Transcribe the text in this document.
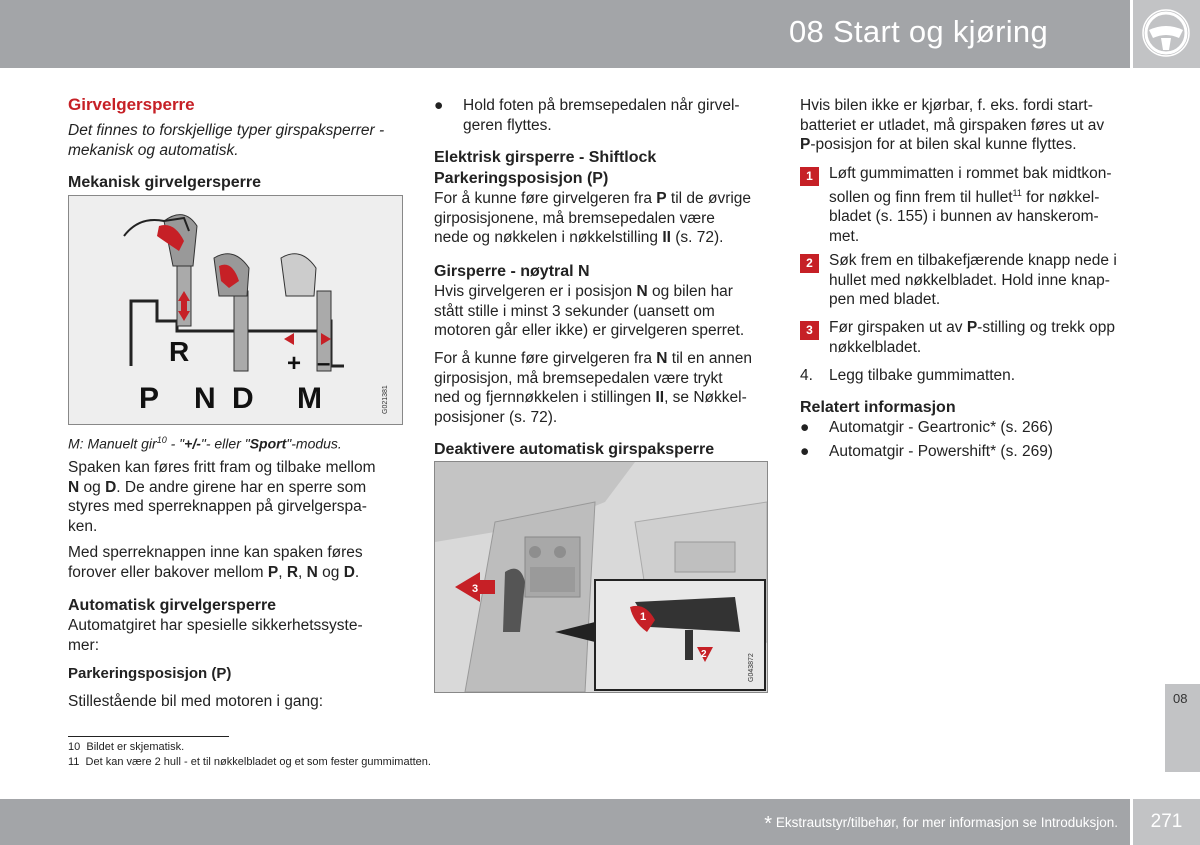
08 Start og kjøring
Girvelgersperre
Det finnes to forskjellige typer girspaksperrer - mekanisk og automatisk.
Mekanisk girvelgersperre
R	+ –
P N D M	G021381
M: Manuelt gir$^{10}$ - "+/-"- eller "Sport"-modus.
Spaken kan føres fritt fram og tilbake mellom
N og D. De andre girene har en sperre som
styres med sperreknappen på girvelgerspa-
ken.
Med sperreknappen inne kan spaken føres
forover eller bakover mellom P, R, N og D.
Automatisk girvelgersperre
Automatgiret har spesielle sikkerhetssyste-
mer:
Parkeringsposisjon (P)
Stillestående bil med motoren i gang:
● Hold foten på bremsepedalen når girvel-
geren flyttes.
Elektrisk girsperre - Shiftlock
Parkeringsposisjon (P)
For å kunne føre girvelgeren fra P til de øvrige
girposisjonene, må bremsepedalen være
nede og nøkkelen i nøkkelstilling II (s. 72).
Girsperre - nøytral N
Hvis girvelgeren er i posisjon N og bilen har
stått stille i minst 3 sekunder (uansett om
motoren går eller ikke) er girvelgeren sperret.
For å kunne føre girvelgeren fra N til en annen
girposisjon, må bremsepedalen være trykt
ned og fjernnøkkelen i stillingen II, se Nøkkel-
posisjoner (s. 72).
Deaktivere automatisk girspaksperre
3
1
2	G043872
Hvis bilen ikke er kjørbar, f. eks. fordi start-
batteriet er utladet, må girspaken føres ut av
P-posisjon for at bilen skal kunne flyttes.
1	Løft gummimatten i rommet bak midtkon-
sollen og finn frem til hullet$^{11}$ for nøkkel-
bladet (s. 155) i bunnen av hanskerom-
met.
2	Søk frem en tilbakefjærende knapp nede i
hullet med nøkkelbladet. Hold inne knap-
pen med bladet.
3	Før girspaken ut av P-stilling og trekk opp
nøkkelbladet.
4. Legg tilbake gummimatten.
Relatert informasjon
● Automatgir - Geartronic* (s. 266)
● Automatgir - Powershift* (s. 269)
10 Bildet er skjematisk.
11 Det kan være 2 hull - et til nøkkelbladet og et som fester gummimatten.
08
* Ekstrautstyr/tilbehør, for mer informasjon se Introduksjon.	271
